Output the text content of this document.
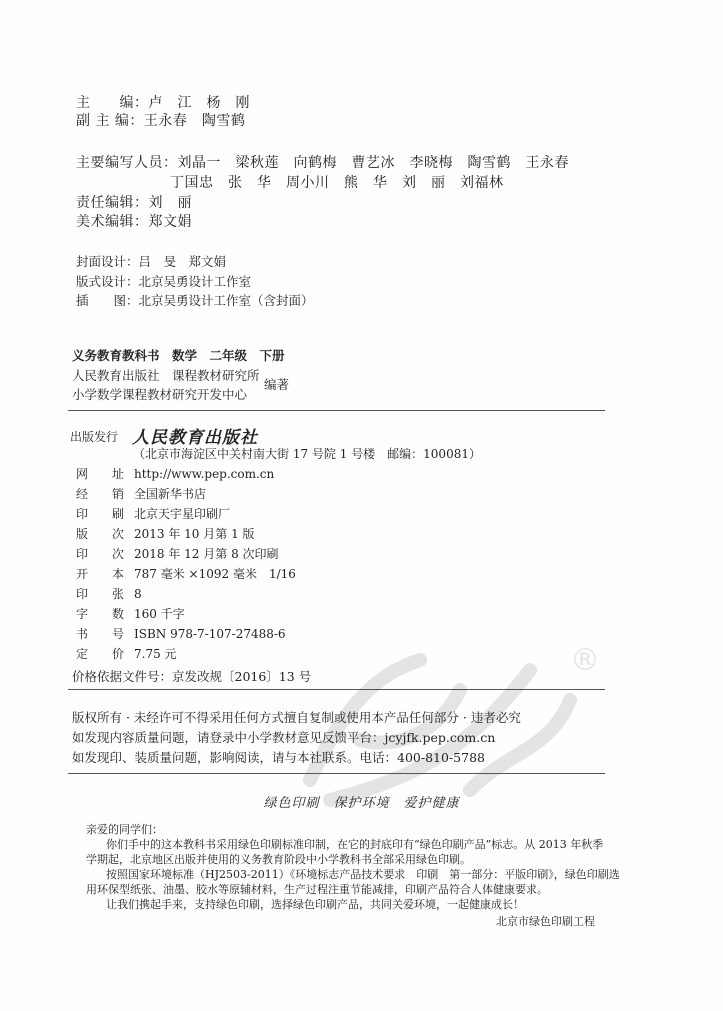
主　　编：卢　江　杨　刚
副 主 编：王永春　陶雪鹤
主要编写人员：刘晶一　梁秋莲　向鹤梅　曹艺冰　李晓梅　陶雪鹤　王永春
丁国忠　张　华　周小川　熊　华　刘　丽　刘福林
责任编辑：刘　丽
美术编辑：郑文娟
封面设计：吕　旻　郑文娟
版式设计：北京吴勇设计工作室
插　　图：北京吴勇设计工作室（含封面）
义务教育教科书　数学　二年级　下册
人民教育出版社　课程教材研究所
小学数学课程教材研究开发中心
编著
出版发行 人民教育出版社
（北京市海淀区中关村南大街 17 号院 1 号楼　邮编：100081）
网址 http://www.pep.com.cn
经销 全国新华书店
印刷 北京天宇星印刷厂
版次 2013 年 10 月第 1 版
印次 2018 年 12 月第 8 次印刷
开本 787 毫米 ×1092 毫米　1/16
印张 8
字数 160 千字
书号 ISBN 978-7-107-27488-6
定价 7.75 元
价格依据文件号：京发改规〔2016〕13 号	®
版权所有 · 未经许可不得采用任何方式擅自复制或使用本产品任何部分 · 违者必究
如发现内容质量问题，请登录中小学教材意见反馈平台：jcyjfk.pep.com.cn
如发现印、装质量问题，影响阅读，请与本社联系。电话：400-810-5788
绿色印刷　保护环境　爱护健康
亲爱的同学们：
你们手中的这本教科书采用绿色印刷标准印制，在它的封底印有“绿色印刷产品”标志。从 2013 年秋季
学期起，北京地区出版并使用的义务教育阶段中小学教科书全部采用绿色印刷。
按照国家环境标准（HJ2503-2011）《环境标志产品技术要求　印刷　第一部分：平版印刷》，绿色印刷选
用环保型纸张、油墨、胶水等原辅材料，生产过程注重节能减排，印刷产品符合人体健康要求。
让我们携起手来，支持绿色印刷，选择绿色印刷产品，共同关爱环境，一起健康成长！
北京市绿色印刷工程
